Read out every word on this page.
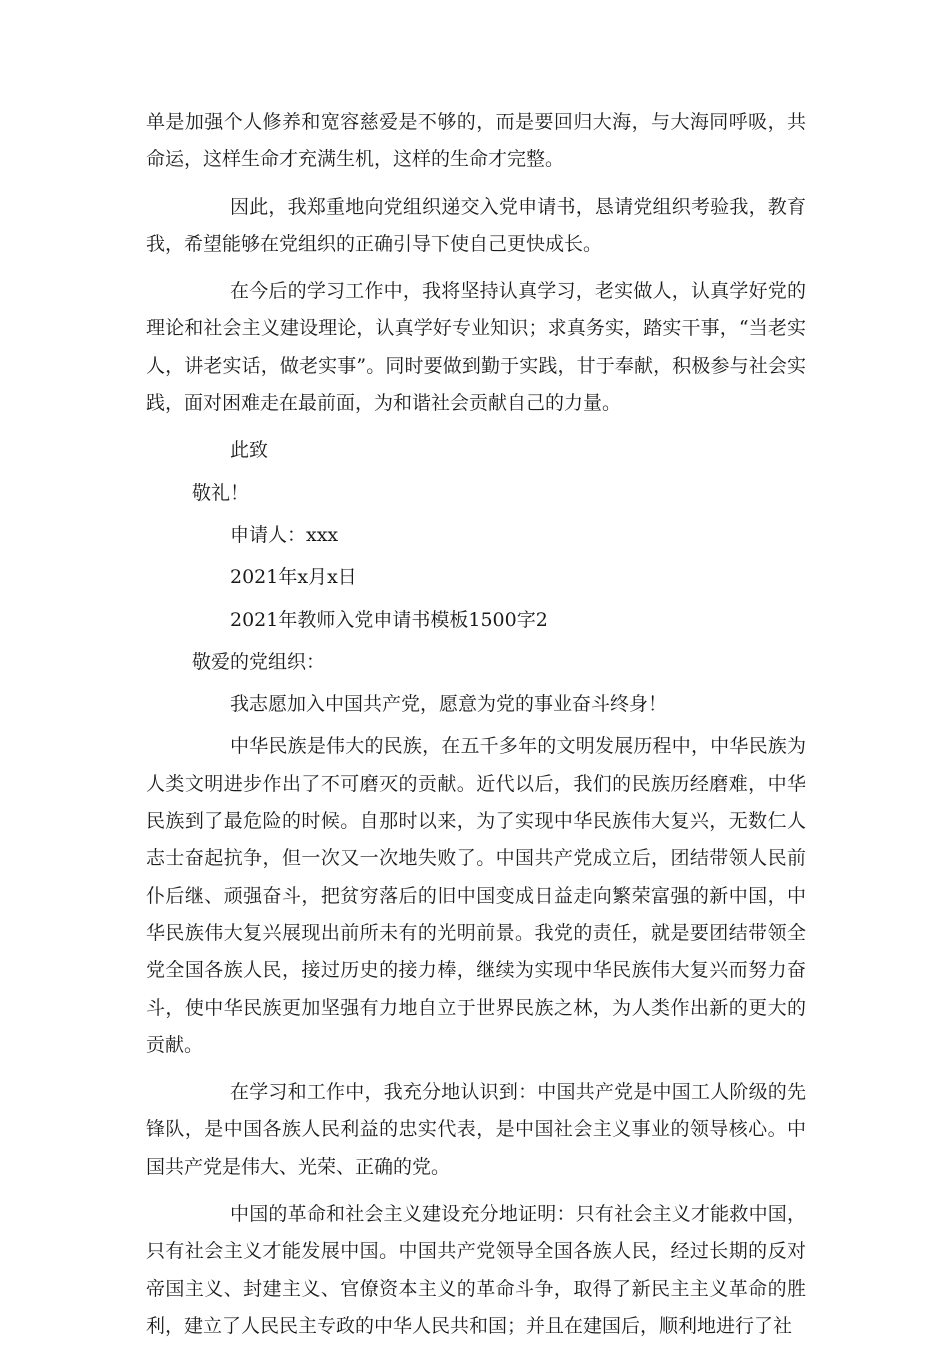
单是加强个人修养和宽容慈爱是不够的，而是要回归大海，与大海同呼吸，共命运，这样生命才充满生机，这样的生命才完整。

因此，我郑重地向党组织递交入党申请书，恳请党组织考验我，教育我，希望能够在党组织的正确引导下使自己更快成长。

在今后的学习工作中，我将坚持认真学习，老实做人，认真学好党的理论和社会主义建设理论，认真学好专业知识；求真务实，踏实干事，“当老实人，讲老实话，做老实事”。同时要做到勤于实践，甘于奉献，积极参与社会实践，面对困难走在最前面，为和谐社会贡献自己的力量。

此致

敬礼！

申请人：xxx

2021年x月x日

2021年教师入党申请书模板1500字2

敬爱的党组织：

我志愿加入中国共产党，愿意为党的事业奋斗终身！

中华民族是伟大的民族，在五千多年的文明发展历程中，中华民族为人类文明进步作出了不可磨灭的贡献。近代以后，我们的民族历经磨难，中华民族到了最危险的时候。自那时以来，为了实现中华民族伟大复兴，无数仁人志士奋起抗争，但一次又一次地失败了。中国共产党成立后，团结带领人民前仆后继、顽强奋斗，把贫穷落后的旧中国变成日益走向繁荣富强的新中国，中华民族伟大复兴展现出前所未有的光明前景。我党的责任，就是要团结带领全党全国各族人民，接过历史的接力棒，继续为实现中华民族伟大复兴而努力奋斗，使中华民族更加坚强有力地自立于世界民族之林，为人类作出新的更大的贡献。

在学习和工作中，我充分地认识到：中国共产党是中国工人阶级的先锋队，是中国各族人民利益的忠实代表，是中国社会主义事业的领导核心。中国共产党是伟大、光荣、正确的党。

中国的革命和社会主义建设充分地证明：只有社会主义才能救中国，只有社会主义才能发展中国。中国共产党领导全国各族人民，经过长期的反对帝国主义、封建主义、官僚资本主义的革命斗争，取得了新民主主义革命的胜利，建立了人民民主专政的中华人民共和国；并且在建国后，顺利地进行了社
